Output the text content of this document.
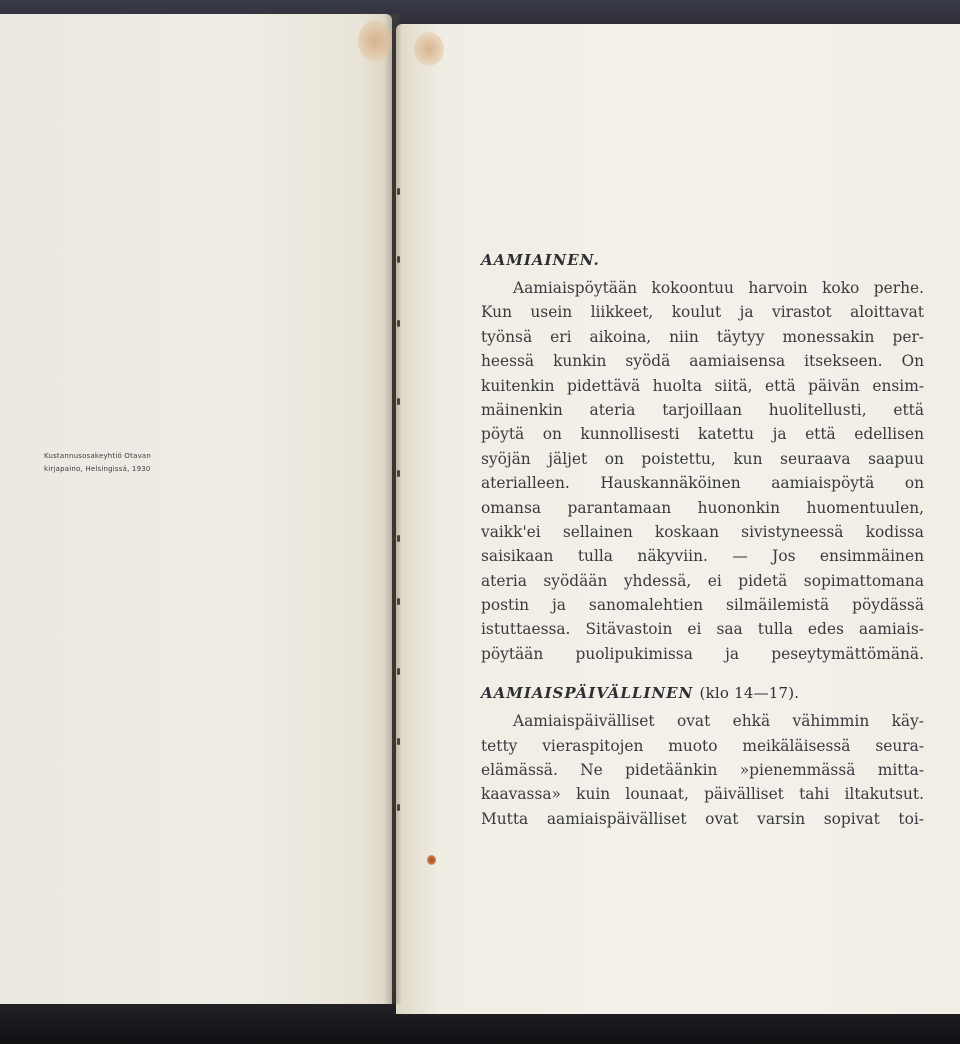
Kustannusosakeyhtiö Otavan
kirjapaino, Helsingissä, 1930
AAMIAINEN.
Aamiaispöytään kokoontuu harvoin koko perhe.
Kun usein liikkeet, koulut ja virastot aloittavat
työnsä eri aikoina, niin täytyy monessakin per-
heessä kunkin syödä aamiaisensa itsekseen. On
kuitenkin pidettävä huolta siitä, että päivän ensim-
mäinenkin ateria tarjoillaan huolitellusti, että
pöytä on kunnollisesti katettu ja että edellisen
syöjän jäljet on poistettu, kun seuraava saapuu
aterialleen. Hauskannäköinen aamiaispöytä on
omansa parantamaan huononkin huomentuulen,
vaikk'ei sellainen koskaan sivistyneessä kodissa
saisikaan tulla näkyviin. — Jos ensimmäinen
ateria syödään yhdessä, ei pidetä sopimattomana
postin ja sanomalehtien silmäilemistä pöydässä
istuttaessa. Sitävastoin ei saa tulla edes aamiais-
pöytään puolipukimissa ja peseytymättömänä.
AAMIAISPÄIVÄLLINEN (klo 14—17).
Aamiaispäivälliset ovat ehkä vähimmin käy-
tetty vieraspitojen muoto meikäläisessä seura-
elämässä. Ne pidetäänkin »pienemmässä mitta-
kaavassa» kuin lounaat, päivälliset tahi iltakutsut.
Mutta aamiaispäivälliset ovat varsin sopivat toi-
